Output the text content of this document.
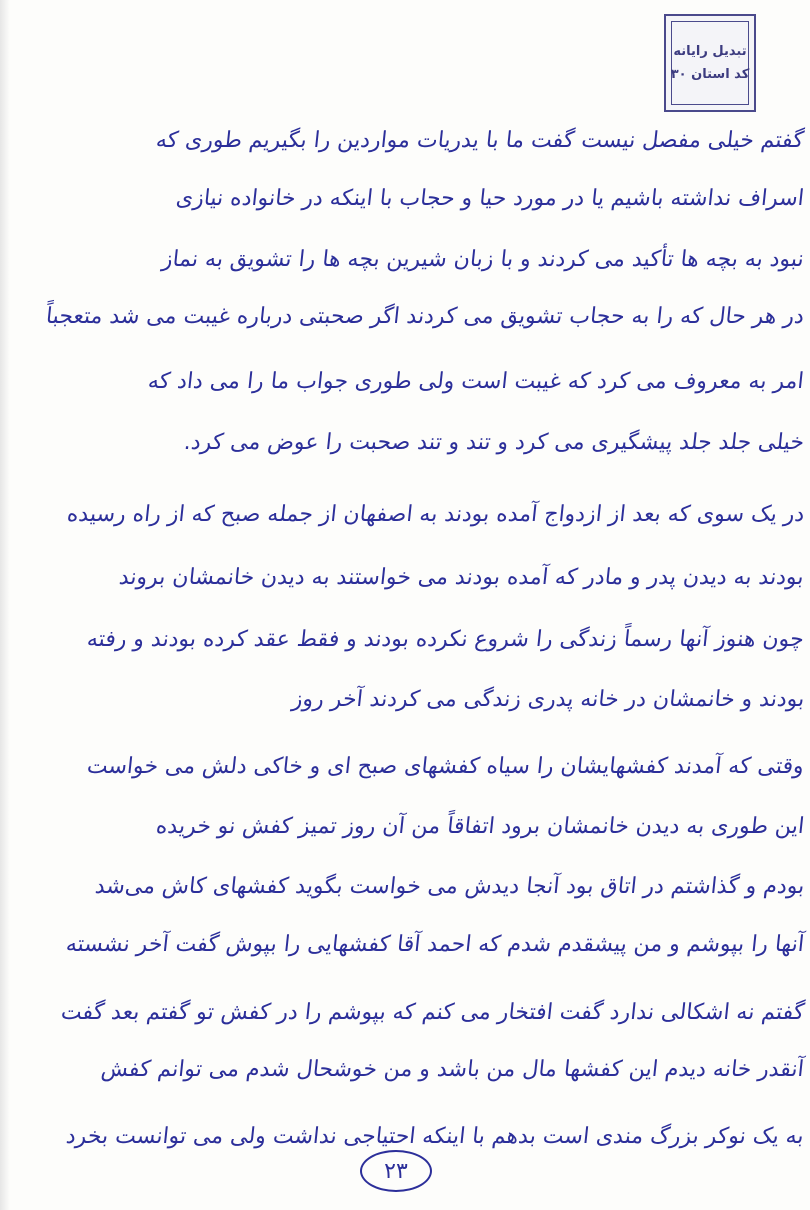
تبدیل رایانه
کد استان ۳۰
گفتم خیلی مفصل نیست گفت ما با یدریات مواردین را بگیریم طوری که
اسراف نداشته باشیم یا در مورد حیا و حجاب با اینکه در خانواده نیازی
نبود به بچه ها تأکید می کردند و با زبان شیرین بچه ها را تشویق به نماز
در هر حال که را به حجاب تشویق می کردند اگر صحبتی درباره غیبت می شد متعجباً
امر به معروف می کرد که غیبت است ولی طوری جواب ما را می داد که
خیلی جلد جلد پیشگیری می کرد و تند و تند صحبت را عوض می کرد.
در یک سوی که بعد از ازدواج آمده بودند به اصفهان از جمله صبح که از راه رسیده
بودند به دیدن پدر و مادر که آمده بودند می خواستند به دیدن خانمشان بروند
چون هنوز آنها رسماً زندگی را شروع نکرده بودند و فقط عقد کرده بودند و رفته
بودند و خانمشان در خانه پدری زندگی می کردند آخر روز
وقتی که آمدند کفشهایشان را سیاه کفشهای صبح ای و خاکی دلش می خواست
این طوری به دیدن خانمشان برود اتفاقاً من آن روز تمیز کفش نو خریده
بودم و گذاشتم در اتاق بود آنجا دیدش می خواست بگوید کفشهای کاش می‌شد
آنها را بپوشم و من پیشقدم شدم که احمد آقا کفشهایی را بپوش گفت آخر نشسته
گفتم نه اشکالی ندارد گفت افتخار می کنم که بپوشم را در کفش تو گفتم بعد گفت
آنقدر خانه دیدم این کفشها مال من باشد و من خوشحال شدم می توانم کفش
به یک نوکر بزرگ مندی است بدهم با اینکه احتیاجی نداشت ولی می توانست بخرد
۲۳
